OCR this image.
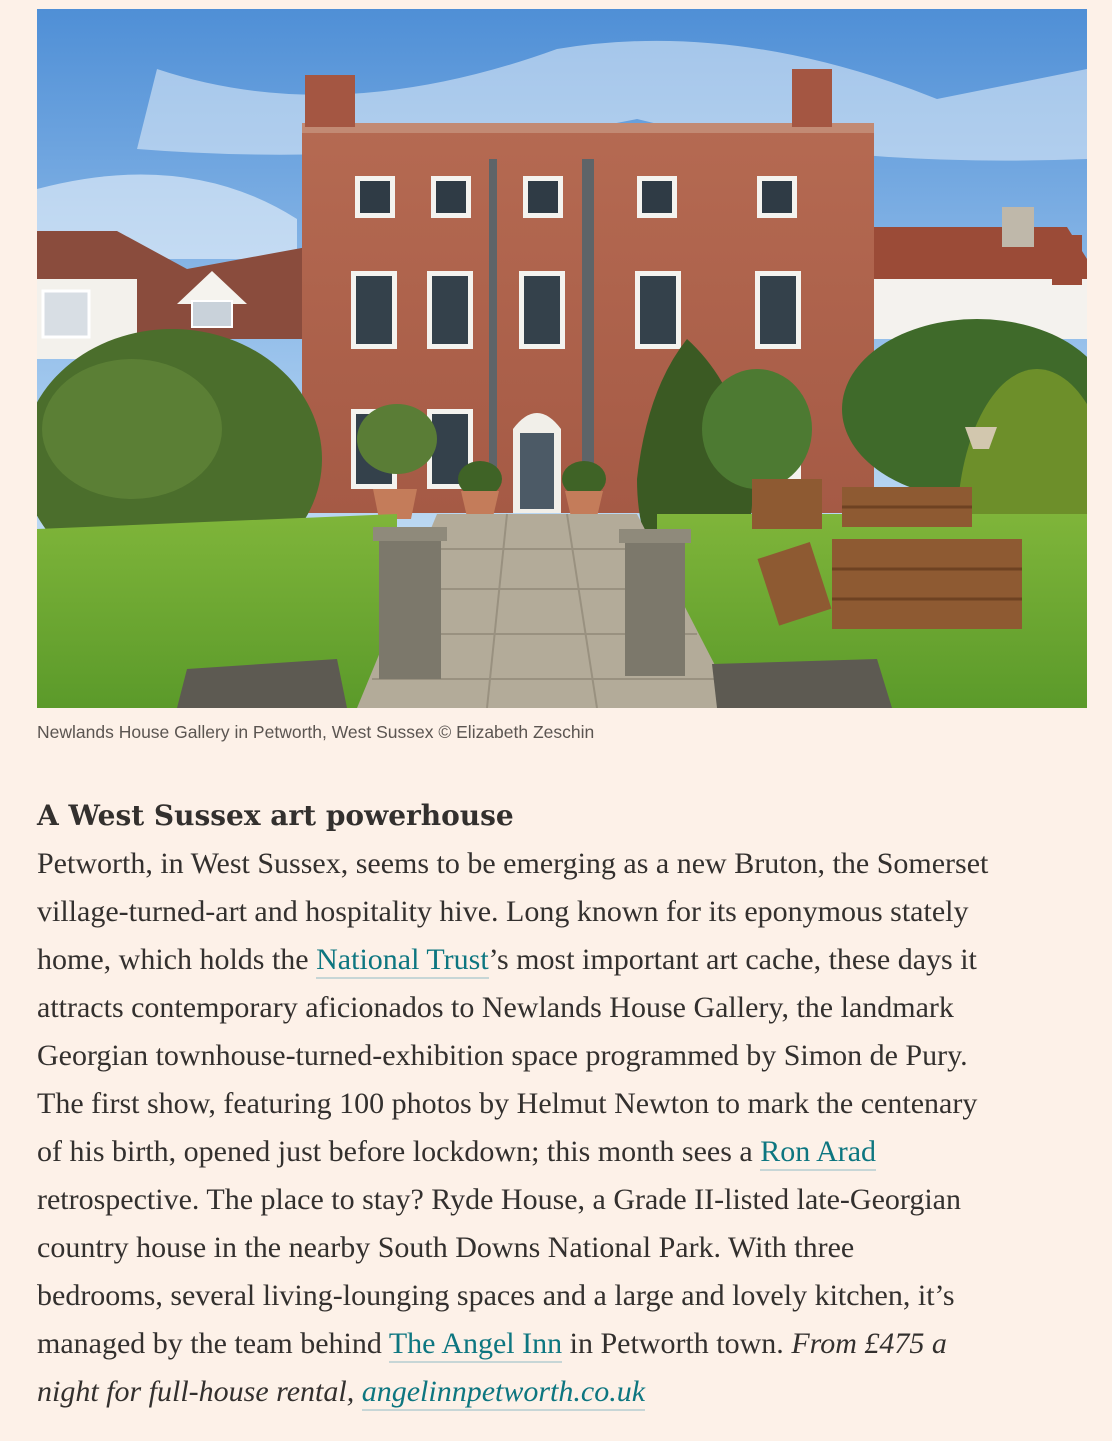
Newlands House Gallery in Petworth, West Sussex © Elizabeth Zeschin
A West Sussex art powerhouse

Petworth, in West Sussex, seems to be emerging as a new Bruton, the Somerset
village-turned-art and hospitality hive. Long known for its eponymous stately
home, which holds the National Trust’s most important art cache, these days it
attracts contemporary aficionados to Newlands House Gallery, the landmark
Georgian townhouse-turned-exhibition space programmed by Simon de Pury.
The first show, featuring 100 photos by Helmut Newton to mark the centenary
of his birth, opened just before lockdown; this month sees a Ron Arad
retrospective. The place to stay? Ryde House, a Grade II-listed late-Georgian
country house in the nearby South Downs National Park. With three
bedrooms, several living-lounging spaces and a large and lovely kitchen, it’s
managed by the team behind The Angel Inn in Petworth town. From £475 a
night for full-house rental, angelinnpetworth.co.uk
